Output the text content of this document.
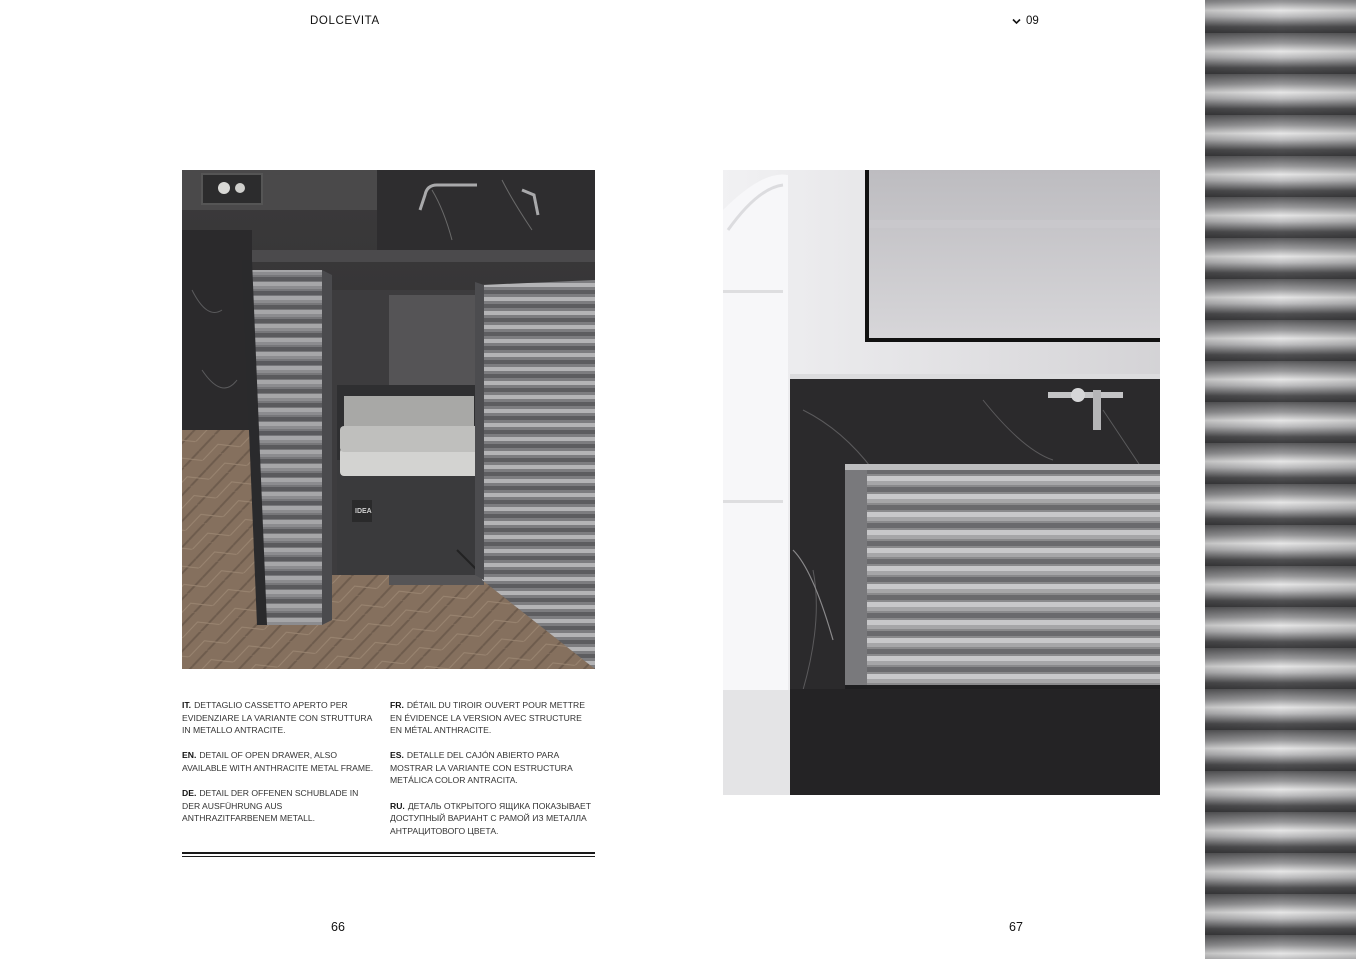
DOLCEVITA	09
IDEA

IT. DETTAGLIO CASSETTO APERTO PER EVIDENZIARE LA VARIANTE CON STRUTTURA IN METALLO ANTRACITE.

EN. DETAIL OF OPEN DRAWER, ALSO AVAILABLE WITH ANTHRACITE METAL FRAME.

DE. DETAIL DER OFFENEN SCHUBLADE IN DER AUSFÜHRUNG AUS ANTHRAZITFARBENEM METALL.

FR. DÉTAIL DU TIROIR OUVERT POUR METTRE EN ÉVIDENCE LA VERSION AVEC STRUCTURE EN MÉTAL ANTHRACITE.

ES. DETALLE DEL CAJÓN ABIERTO PARA MOSTRAR LA VARIANTE CON ESTRUCTURA METÁLICA COLOR ANTRACITA.

RU. ДЕТАЛЬ ОТКРЫТОГО ЯЩИКА ПОКАЗЫВАЕТ ДОСТУПНЫЙ ВАРИАНТ С РАМОЙ ИЗ МЕТАЛЛА АНТРАЦИТОВОГО ЦВЕТА.

66	67
